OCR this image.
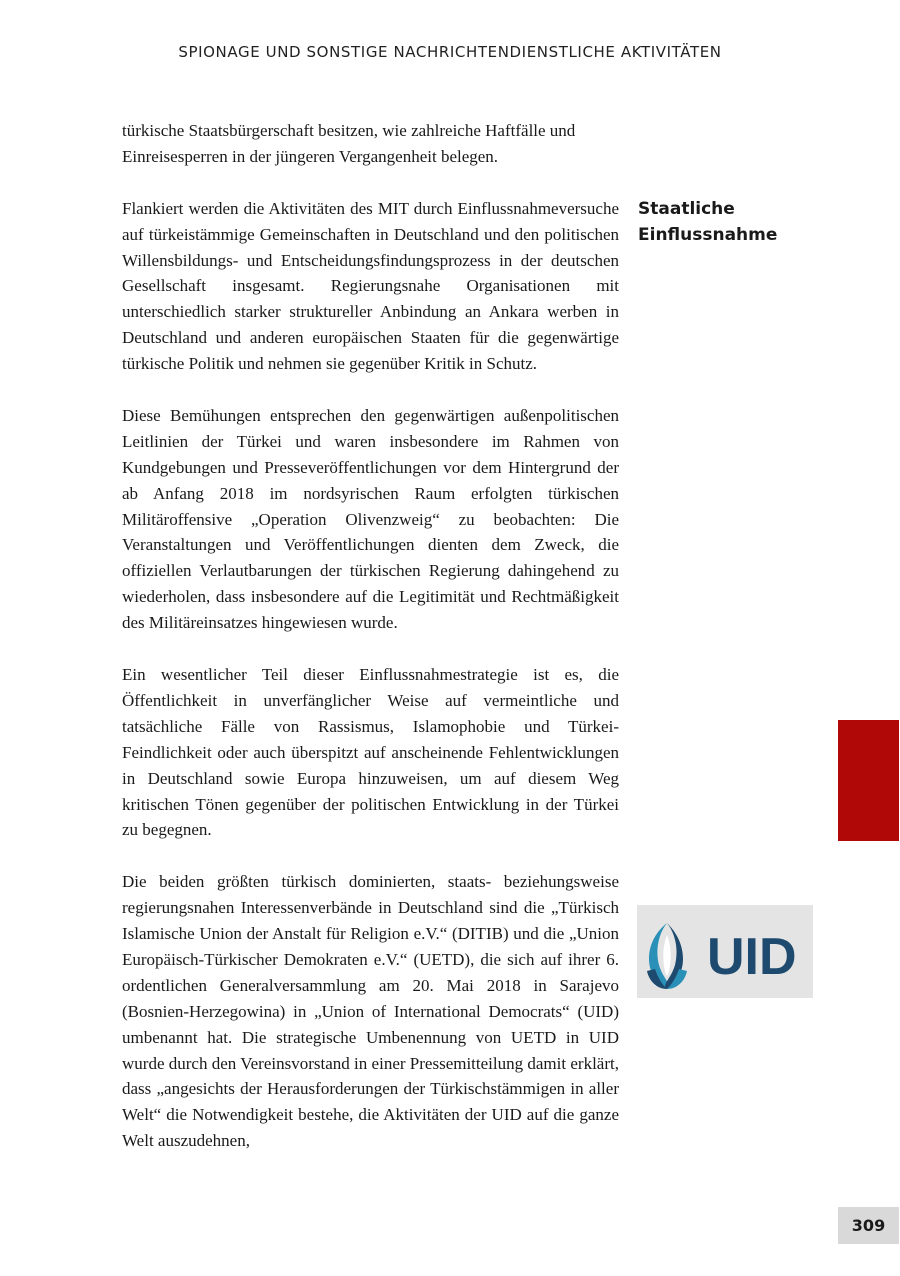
SPIONAGE UND SONSTIGE NACHRICHTENDIENSTLICHE AKTIVITÄTEN

türkische Staatsbürgerschaft besitzen, wie zahlreiche Haftfälle und Einreisesperren in der jüngeren Vergangenheit belegen.

Flankiert werden die Aktivitäten des MIT durch Einflussnahmeversuche auf türkeistämmige Gemeinschaften in Deutschland und den politischen Willensbildungs- und Entscheidungsfindungsprozess in der deutschen Gesellschaft insgesamt. Regierungsnahe Organisationen mit unterschiedlich starker struktureller Anbindung an Ankara werben in Deutschland und anderen europäischen Staaten für die gegenwärtige türkische Politik und nehmen sie gegenüber Kritik in Schutz.

Diese Bemühungen entsprechen den gegenwärtigen außenpolitischen Leitlinien der Türkei und waren insbesondere im Rahmen von Kundgebungen und Presseveröffentlichungen vor dem Hintergrund der ab Anfang 2018 im nordsyrischen Raum erfolgten türkischen Militäroffensive „Operation Olivenzweig“ zu beobachten: Die Veranstaltungen und Veröffentlichungen dienten dem Zweck, die offiziellen Verlautbarungen der türkischen Regierung dahingehend zu wiederholen, dass insbesondere auf die Legitimität und Rechtmäßigkeit des Militäreinsatzes hingewiesen wurde.

Ein wesentlicher Teil dieser Einflussnahmestrategie ist es, die Öffentlichkeit in unverfänglicher Weise auf vermeintliche und tatsächliche Fälle von Rassismus, Islamophobie und Türkei-Feindlichkeit oder auch überspitzt auf anscheinende Fehlentwicklungen in Deutschland sowie Europa hinzuweisen, um auf diesem Weg kritischen Tönen gegenüber der politischen Entwicklung in der Türkei zu begegnen.

Die beiden größten türkisch dominierten, staats- beziehungsweise regierungsnahen Interessenverbände in Deutschland sind die „Türkisch Islamische Union der Anstalt für Religion e.V.“ (DITIB) und die „Union Europäisch-Türkischer Demokraten e.V.“ (UETD), die sich auf ihrer 6. ordentlichen Generalversammlung am 20. Mai 2018 in Sarajevo (Bosnien-Herzegowina) in „Union of International Democrats“ (UID) umbenannt hat. Die strategische Umbenennung von UETD in UID wurde durch den Vereinsvorstand in einer Pressemitteilung damit erklärt, dass „angesichts der Herausforderungen der Türkischstämmigen in aller Welt“ die Notwendigkeit bestehe, die Aktivitäten der UID auf die ganze Welt auszudehnen,

Staatliche
Einflussnahme
UID
309
